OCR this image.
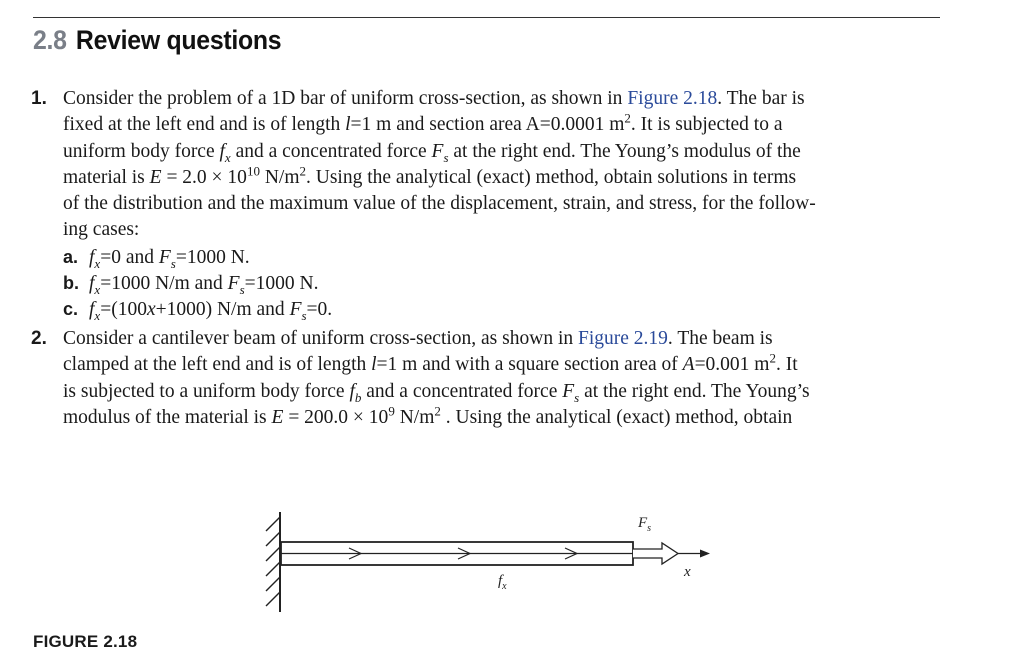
2.8 Review questions
1. Consider the problem of a 1D bar of uniform cross-section, as shown in Figure 2.18. The bar is
fixed at the left end and is of length l=1 m and section area A=0.0001 $m^2$. It is subjected to a
uniform body force $f_x$ and a concentrated force $F_s$ at the right end. The Young’s modulus of the
material is $E = 2.0 \times 10^{10}$ $N/m^2$. Using the analytical (exact) method, obtain solutions in terms
of the distribution and the maximum value of the displacement, strain, and stress, for the follow-
ing cases:
a. $f_x=0$ and $F_s=1000$ N.
b. $f_x=1000$ N/m and $F_s=1000$ N.
c. $f_x=(100x+1000)$ N/m and $F_s=0$.
2. Consider a cantilever beam of uniform cross-section, as shown in Figure 2.19. The beam is
clamped at the left end and is of length l=1 m and with a square section area of A=0.001 $m^2$. It
is subjected to a uniform body force $f_b$ and a concentrated force $F_s$ at the right end. The Young’s
modulus of the material is $E = 200.0 \times 10^9$ $N/m^2$ . Using the analytical (exact) method, obtain
$F_s$
x
$f_x$
FIGURE 2.18
